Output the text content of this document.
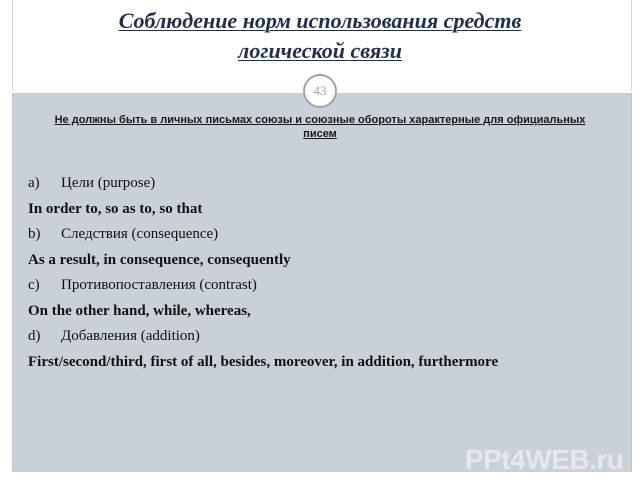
Соблюдение норм использования средств
логической связи
43
Не должны быть в личных письмах союзы и союзные обороты характерные для официальных писем
a) Цели (purpose)
In order to, so as to, so that
b) Следствия (consequence)
As a result, in consequence, consequently
c) Противопоставления (contrast)
On the other hand, while, whereas,
d) Добавления (addition)
First/second/third, first of all, besides, moreover, in addition, furthermore
PPt4WEB.ru
